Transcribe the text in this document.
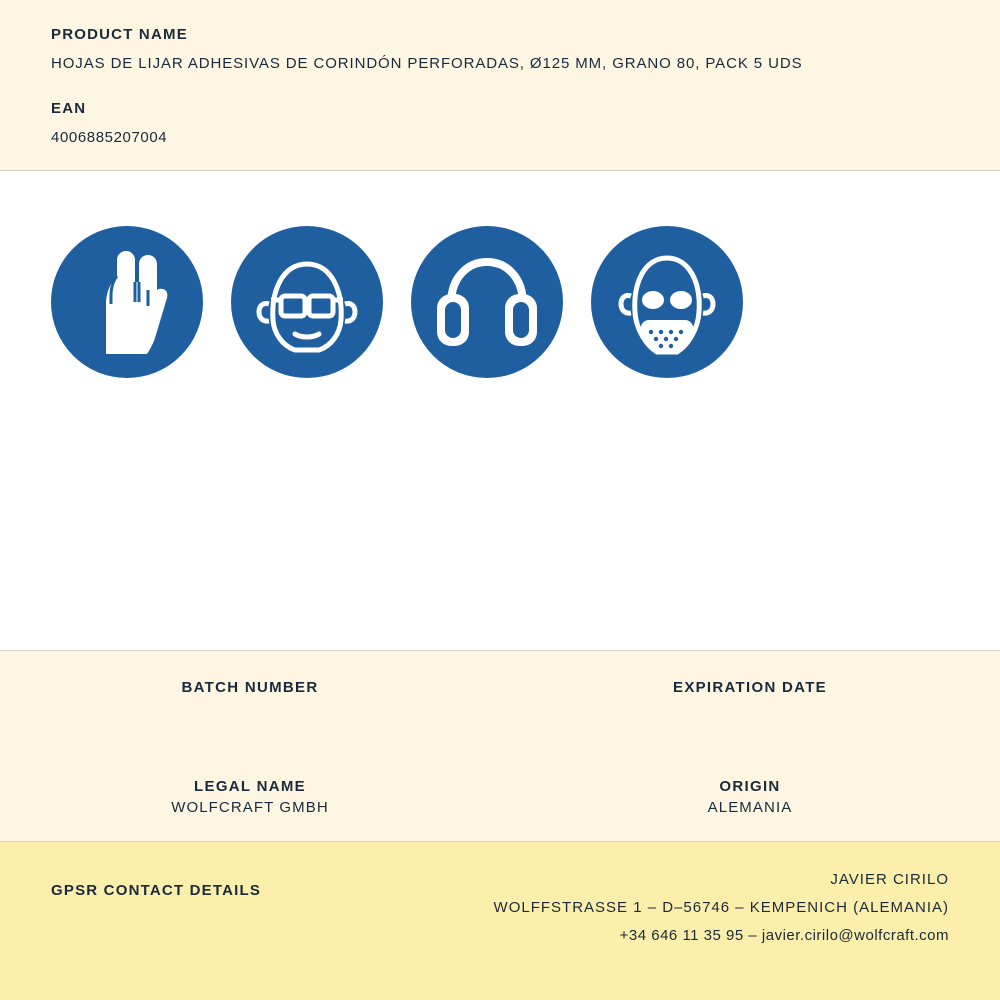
PRODUCT NAME
HOJAS DE LIJAR ADHESIVAS DE CORINDÓN PERFORADAS, Ø125 MM, GRANO 80, PACK 5 UDS
EAN
4006885207004
BATCH NUMBER	EXPIRATION DATE
LEGAL NAME
WOLFCRAFT GMBH
ORIGIN
ALEMANIA
GPSR CONTACT DETAILS
JAVIER CIRILO
WOLFFSTRASSE 1 – D–56746 – KEMPENICH (ALEMANIA)
+34 646 11 35 95 – javier.cirilo@wolfcraft.com
